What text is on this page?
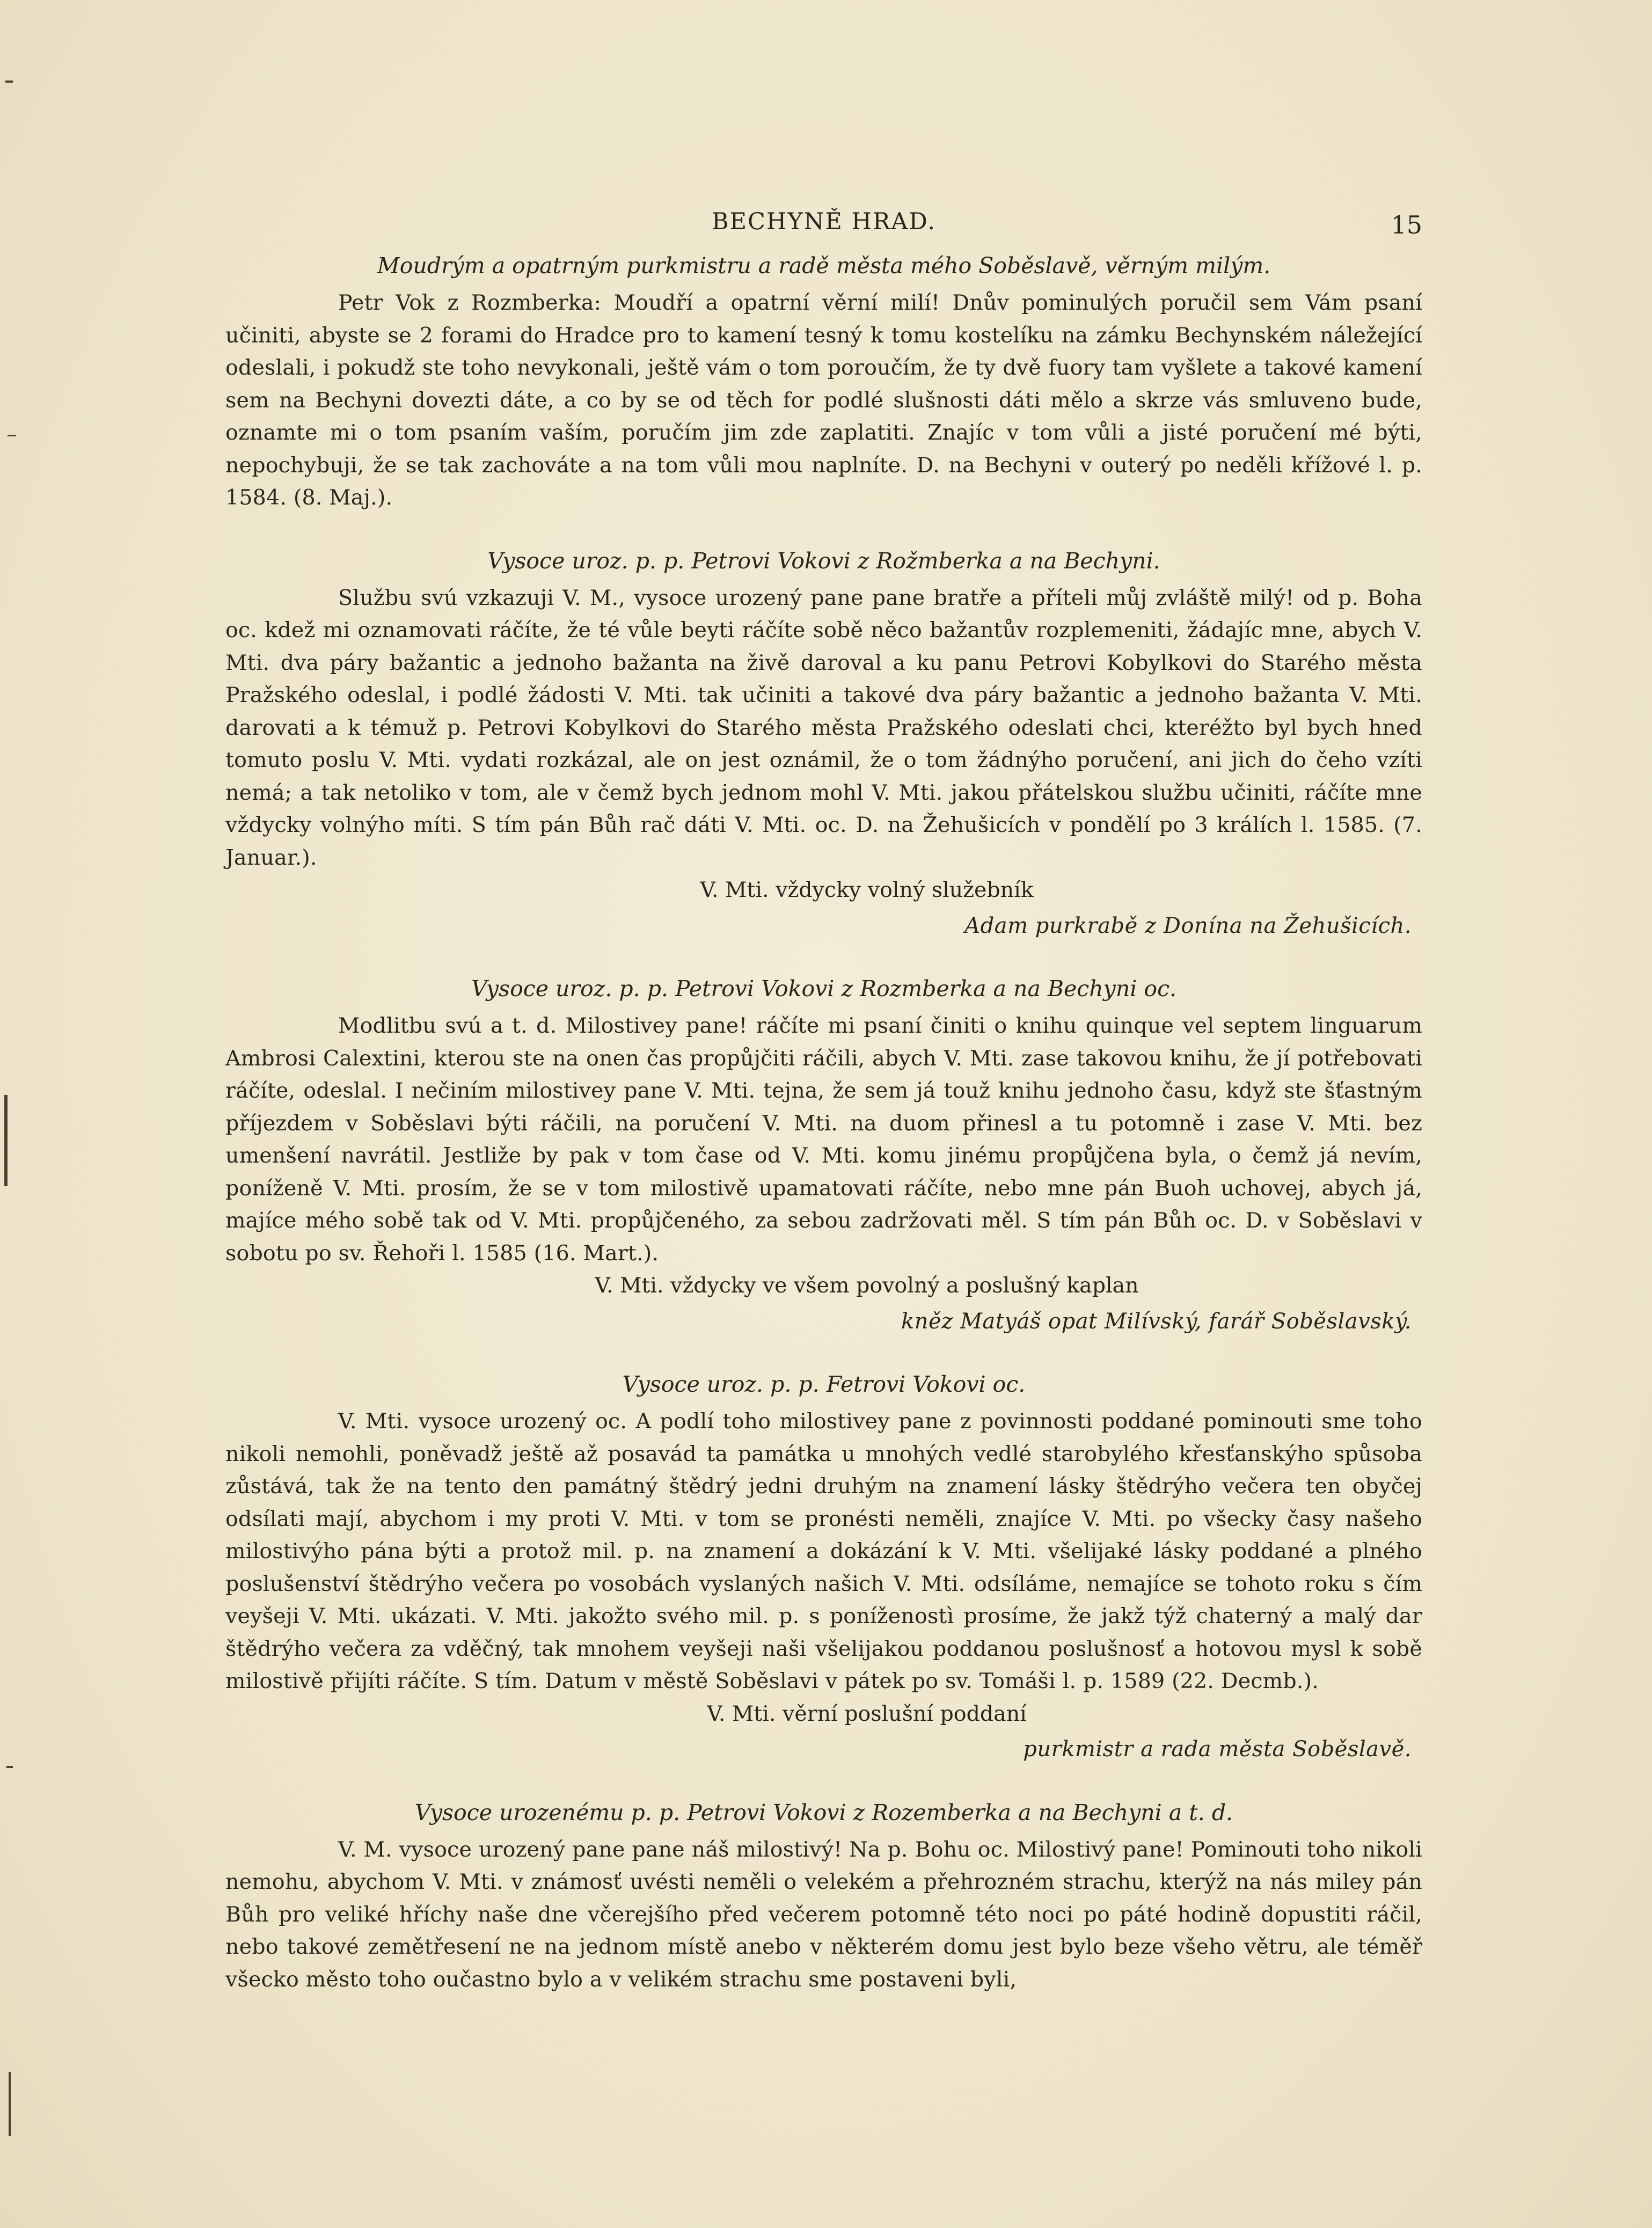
BECHYNĚ HRAD.	15

Moudrým a opatrným purkmistru a radě města mého Soběslavě, věrným milým.

Petr Vok z Rozmberka: Moudří a opatrní věrní milí! Dnův pominulých poručil sem Vám psaní učiniti, abyste se 2 forami do Hradce pro to kamení tesný k tomu kostelíku na zámku Bechynském náležející odeslali, i pokudž ste toho nevykonali, ještě vám o tom poroučím, že ty dvě fuory tam vyšlete a takové kamení sem na Bechyni dovezti dáte, a co by se od těch for podlé slušnosti dáti mělo a skrze vás smluveno bude, oznamte mi o tom psaním vaším, poručím jim zde zaplatiti. Znajíc v tom vůli a jisté poručení mé býti, nepochybuji, že se tak zachováte a na tom vůli mou naplníte. D. na Bechyni v outerý po neděli křížové l. p. 1584. (8. Maj.).

Vysoce uroz. p. p. Petrovi Vokovi z Rožmberka a na Bechyni.

Službu svú vzkazuji V. M., vysoce urozený pane pane bratře a příteli můj zvláště milý! od p. Boha oc. kdež mi oznamovati ráčíte, že té vůle beyti ráčíte sobě něco bažantův rozplemeniti, žádajíc mne, abych V. Mti. dva páry bažantic a jednoho bažanta na živě daroval a ku panu Petrovi Kobylkovi do Starého města Pražského odeslal, i podlé žádosti V. Mti. tak učiniti a takové dva páry bažantic a jednoho bažanta V. Mti. darovati a k témuž p. Petrovi Kobylkovi do Starého města Pražského odeslati chci, kteréžto byl bych hned tomuto poslu V. Mti. vydati rozkázal, ale on jest oznámil, že o tom žádnýho poručení, ani jich do čeho vzíti nemá; a tak netoliko v tom, ale v čemž bych jednom mohl V. Mti. jakou přátelskou službu učiniti, ráčíte mne vždycky volnýho míti. S tím pán Bůh rač dáti V. Mti. oc. D. na Žehušicích v pondělí po 3 králích l. 1585. (7. Januar.).

V. Mti. vždycky volný služebník

Adam purkrabě z Donína na Žehušicích.

Vysoce uroz. p. p. Petrovi Vokovi z Rozmberka a na Bechyni oc.

Modlitbu svú a t. d. Milostivey pane! ráčíte mi psaní činiti o knihu quinque vel septem linguarum Ambrosi Calextini, kterou ste na onen čas propůjčiti ráčili, abych V. Mti. zase takovou knihu, že jí potřebovati ráčíte, odeslal. I nečiním milostivey pane V. Mti. tejna, že sem já touž knihu jednoho času, když ste šťastným příjezdem v Soběslavi býti ráčili, na poručení V. Mti. na duom přinesl a tu potomně i zase V. Mti. bez umenšení navrátil. Jestliže by pak v tom čase od V. Mti. komu jinému propůjčena byla, o čemž já nevím, poníženě V. Mti. prosím, že se v tom milostivě upamatovati ráčíte, nebo mne pán Buoh uchovej, abych já, majíce mého sobě tak od V. Mti. propůjčeného, za sebou zadržovati měl. S tím pán Bůh oc. D. v Soběslavi v sobotu po sv. Řehoři l. 1585 (16. Mart.).

V. Mti. vždycky ve všem povolný a poslušný kaplan

kněz Matyáš opat Milívský, farář Soběslavský.

Vysoce uroz. p. p. Fetrovi Vokovi oc.

V. Mti. vysoce urozený oc. A podlí toho milostivey pane z povinnosti poddané pominouti sme toho nikoli nemohli, poněvadž ještě až posavád ta památka u mnohých vedlé starobylého křesťanskýho spůsoba zůstává, tak že na tento den památný štědrý jedni druhým na znamení lásky štědrýho večera ten obyčej odsílati mají, abychom i my proti V. Mti. v tom se pronésti neměli, znajíce V. Mti. po všecky časy našeho milostivýho pána býti a protož mil. p. na znamení a dokázání k V. Mti. všelijaké lásky poddané a plného poslušenství štědrýho večera po vosobách vyslaných našich V. Mti. odsíláme, nemajíce se tohoto roku s čím veyšeji V. Mti. ukázati. V. Mti. jakožto svého mil. p. s poníženostì prosíme, že jakž týž chaterný a malý dar štědrýho večera za vděčný, tak mnohem veyšeji naši všelijakou poddanou poslušnosť a hotovou mysl k sobě milostivě přijíti ráčíte. S tím. Datum v městě Soběslavi v pátek po sv. Tomáši l. p. 1589 (22. Decmb.).

V. Mti. věrní poslušní poddaní

purkmistr a rada města Soběslavě.

Vysoce urozenému p. p. Petrovi Vokovi z Rozemberka a na Bechyni a t. d.

V. M. vysoce urozený pane pane náš milostivý! Na p. Bohu oc. Milostivý pane! Pominouti toho nikoli nemohu, abychom V. Mti. v známosť uvésti neměli o velekém a přehrozném strachu, kterýž na nás miley pán Bůh pro veliké hříchy naše dne včerejšího před večerem potomně této noci po páté hodině dopustiti ráčil, nebo takové zemětřesení ne na jednom místě anebo v některém domu jest bylo beze všeho větru, ale téměř všecko město toho oučastno bylo a v velikém strachu sme postaveni byli,
